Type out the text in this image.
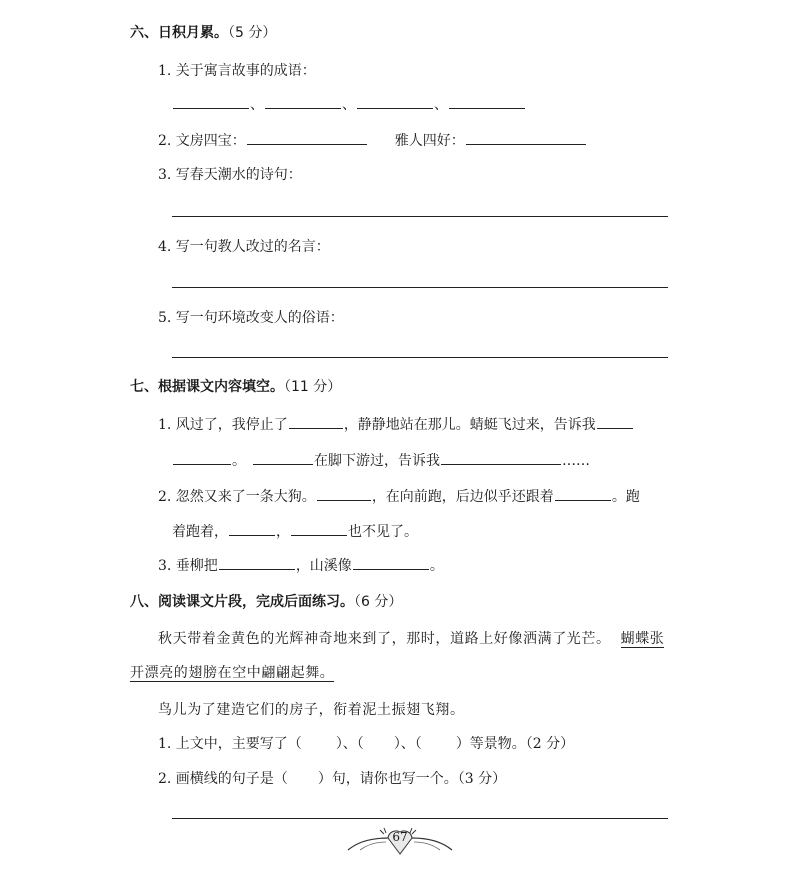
六、日积月累。（5 分）
1. 关于寓言故事的成语：
、	、	、
2. 文房四宝：	雅人四好：
3. 写春天潮水的诗句：
4. 写一句教人改过的名言：
5. 写一句环境改变人的俗语：
七、根据课文内容填空。（11 分）
1. 风过了，我停止了	，静静地站在那儿。蜻蜓飞过来，告诉我
。	在脚下游过，告诉我	……
2. 忽然又来了一条大狗。	，在向前跑，后边似乎还跟着	。跑
着跑着，	，	也不见了。
3. 垂柳把	，山溪像	。
八、阅读课文片段，完成后面练习。（6 分）
秋天带着金黄色的光辉神奇地来到了，那时，道路上好像洒满了光芒。 蝴蝶张
开漂亮的翅膀在空中翩翩起舞。
鸟儿为了建造它们的房子，衔着泥土振翅飞翔。
1. 上文中，主要写了（ ）、（ ）、（ ）等景物。（2 分）
2. 画横线的句子是（ ）句，请你也写一个。（3 分）
67
